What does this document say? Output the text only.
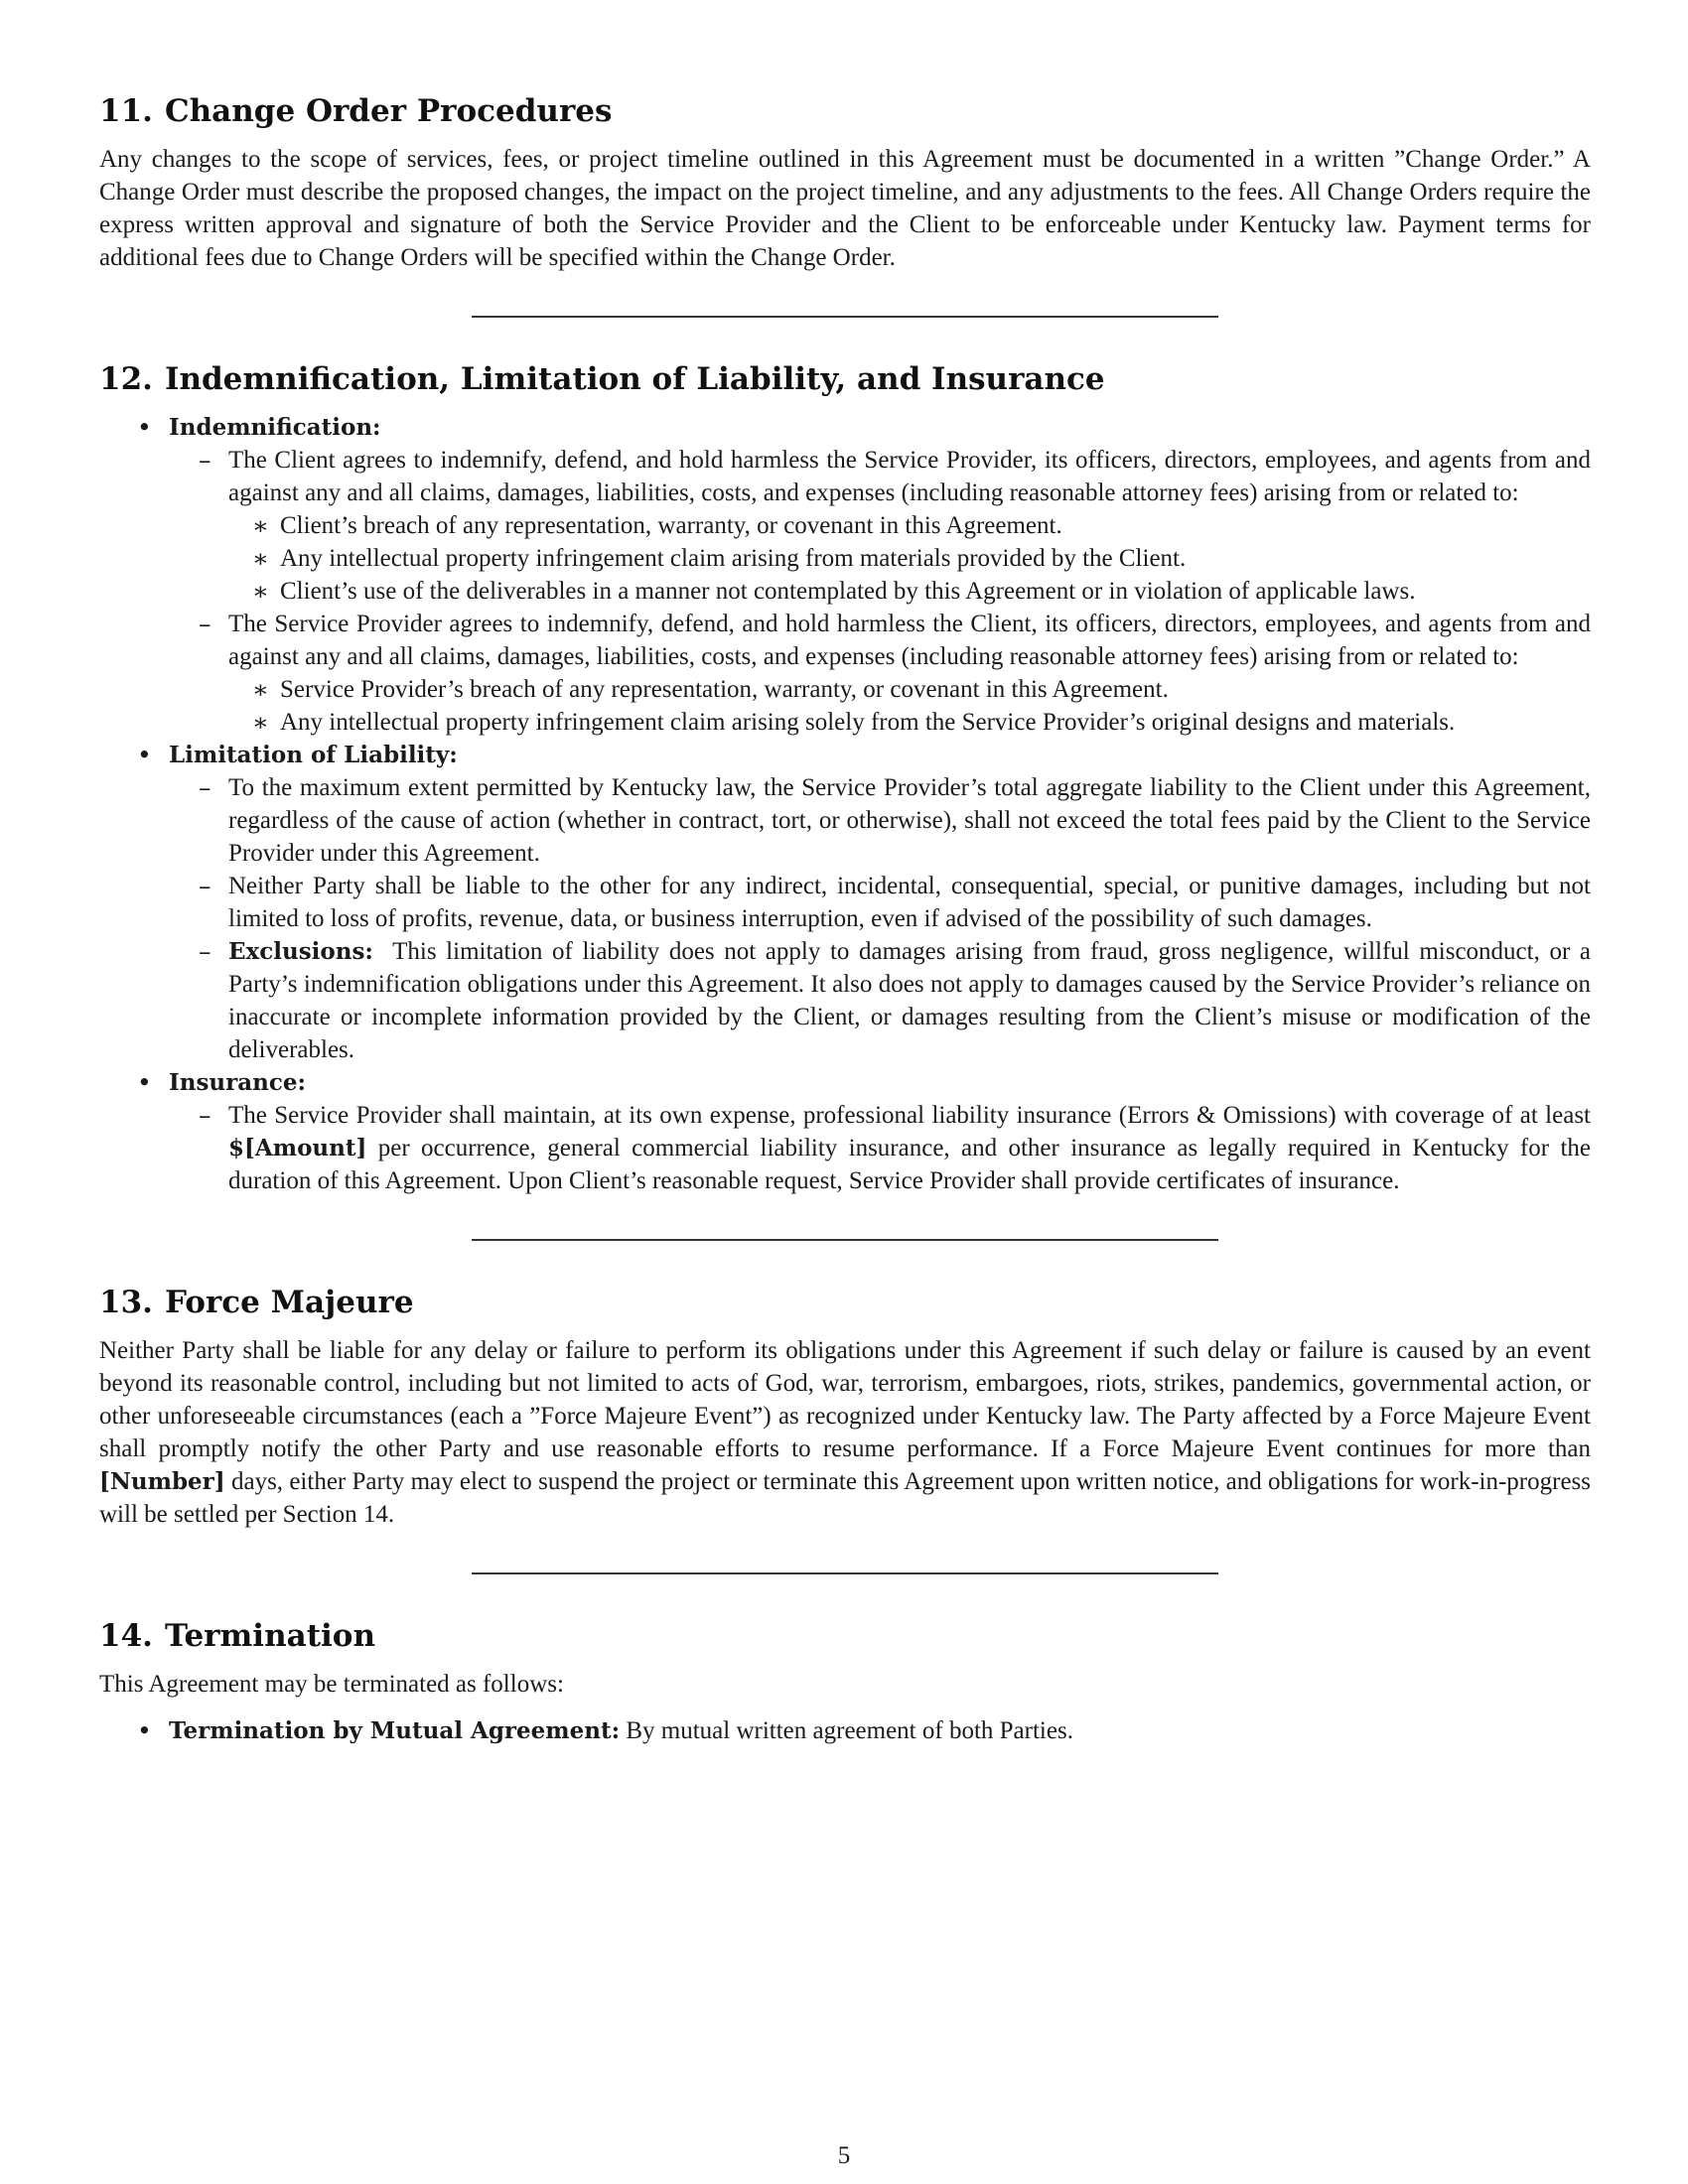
11. Change Order Procedures

Any changes to the scope of services, fees, or project timeline outlined in this Agreement must be documented in a written ”Change Order.” A Change Order must describe the proposed changes, the impact on the project timeline, and any adjustments to the fees. All Change Orders require the express written approval and signature of both the Service Provider and the Client to be enforceable under Kentucky law. Payment terms for additional fees due to Change Orders will be specified within the Change Order.

12. Indemnification, Limitation of Liability, and Insurance
• Indemnification:
– The Client agrees to indemnify, defend, and hold harmless the Service Provider, its officers, directors, employees, and agents from and against any and all claims, damages, liabilities, costs, and expenses (including reasonable attorney fees) arising from or related to:
∗ Client’s breach of any representation, warranty, or covenant in this Agreement.
∗ Any intellectual property infringement claim arising from materials provided by the Client.
∗ Client’s use of the deliverables in a manner not contemplated by this Agreement or in violation of applicable laws.
– The Service Provider agrees to indemnify, defend, and hold harmless the Client, its officers, directors, employees, and agents from and against any and all claims, damages, liabilities, costs, and expenses (including reasonable attorney fees) arising from or related to:
∗ Service Provider’s breach of any representation, warranty, or covenant in this Agreement.
∗ Any intellectual property infringement claim arising solely from the Service Provider’s original designs and materials.
• Limitation of Liability:
– To the maximum extent permitted by Kentucky law, the Service Provider’s total aggregate liability to the Client under this Agreement, regardless of the cause of action (whether in contract, tort, or otherwise), shall not exceed the total fees paid by the Client to the Service Provider under this Agreement.
– Neither Party shall be liable to the other for any indirect, incidental, consequential, special, or punitive damages, including but not limited to loss of profits, revenue, data, or business interruption, even if advised of the possibility of such damages.
– Exclusions: This limitation of liability does not apply to damages arising from fraud, gross negligence, willful misconduct, or a Party’s indemnification obligations under this Agreement. It also does not apply to damages caused by the Service Provider’s reliance on inaccurate or incomplete information provided by the Client, or damages resulting from the Client’s misuse or modification of the deliverables.
• Insurance:
– The Service Provider shall maintain, at its own expense, professional liability insurance (Errors & Omissions) with coverage of at least $[Amount] per occurrence, general commercial liability insurance, and other insurance as legally required in Kentucky for the duration of this Agreement. Upon Client’s reasonable request, Service Provider shall provide certificates of insurance.
13. Force Majeure

Neither Party shall be liable for any delay or failure to perform its obligations under this Agreement if such delay or failure is caused by an event beyond its reasonable control, including but not limited to acts of God, war, terrorism, embargoes, riots, strikes, pandemics, governmental action, or other unforeseeable circumstances (each a ”Force Majeure Event”) as recognized under Kentucky law. The Party affected by a Force Majeure Event shall promptly notify the other Party and use reasonable efforts to resume performance. If a Force Majeure Event continues for more than [Number] days, either Party may elect to suspend the project or terminate this Agreement upon written notice, and obligations for work-in-progress will be settled per Section 14.

14. Termination

This Agreement may be terminated as follows:

• Termination by Mutual Agreement: By mutual written agreement of both Parties.
5
